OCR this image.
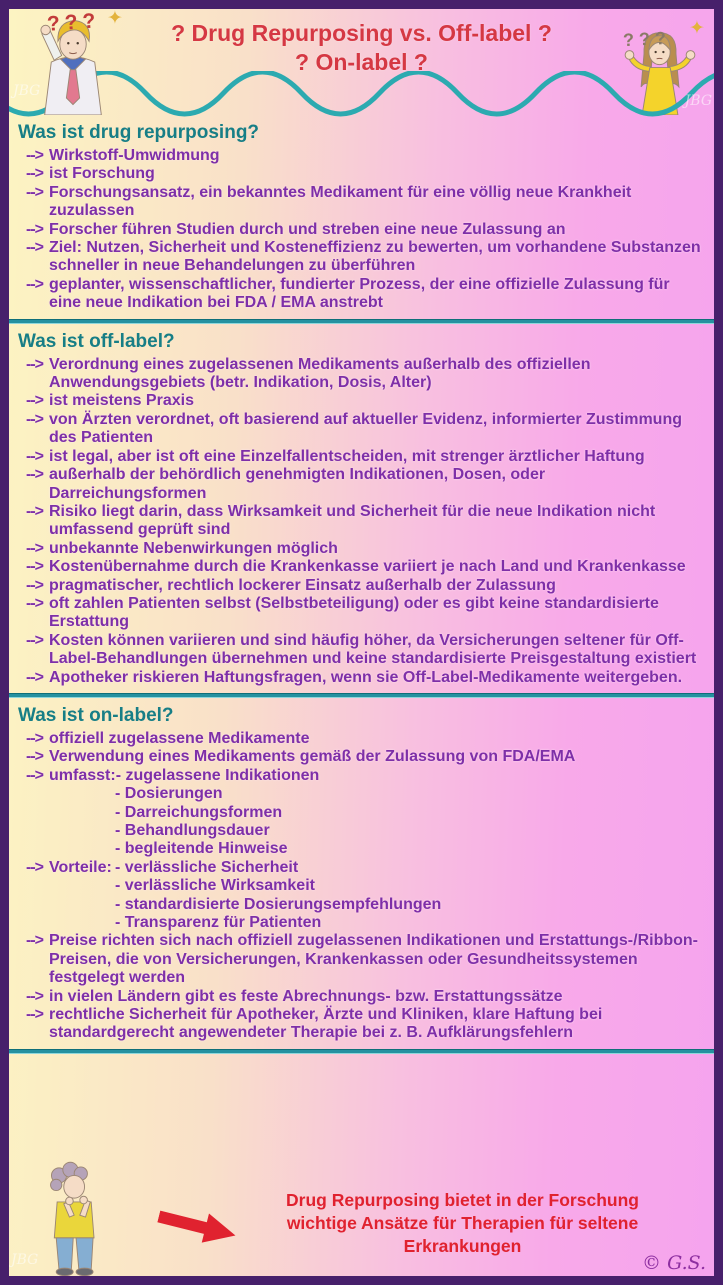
? Drug Repurposing vs. Off-label ?
? On-label ?
??? ✦
??? ✦
JBG
JBG
Was ist drug repurposing?
--> Wirkstoff-Umwidmung
--> ist Forschung
--> Forschungsansatz, ein bekanntes Medikament für eine völlig neue Krankheit zuzulassen
--> Forscher führen Studien durch und streben eine neue Zulassung an
--> Ziel: Nutzen, Sicherheit und Kosteneffizienz zu bewerten, um vorhandene Substanzen schneller in neue Behandelungen zu überführen
--> geplanter, wissenschaftlicher, fundierter Prozess, der eine offizielle Zulassung für eine neue Indikation bei FDA / EMA anstrebt
Was ist off-label?
--> Verordnung eines zugelassenen Medikaments außerhalb des offiziellen Anwendungsgebiets (betr. Indikation, Dosis, Alter)
--> ist meistens Praxis
--> von Ärzten verordnet, oft basierend auf aktueller Evidenz, informierter Zustimmung des Patienten
--> ist legal, aber ist oft eine Einzelfallentscheiden, mit strenger ärztlicher Haftung
--> außerhalb der behördlich genehmigten Indikationen, Dosen, oder Darreichungsformen
--> Risiko liegt darin, dass Wirksamkeit und Sicherheit für die neue Indikation nicht umfassend geprüft sind
--> unbekannte Nebenwirkungen möglich
--> Kostenübernahme durch die Krankenkasse variiert je nach Land und Krankenkasse
--> pragmatischer, rechtlich lockerer Einsatz außerhalb der Zulassung
--> oft zahlen Patienten selbst (Selbstbeteiligung) oder es gibt keine standardisierte Erstattung
--> Kosten können variieren und sind häufig höher, da Versicherungen seltener für Off-Label-Behandlungen übernehmen und keine standardisierte Preisgestaltung existiert
--> Apotheker riskieren Haftungsfragen, wenn sie Off-Label-Medikamente weitergeben.
Was ist on-label?
--> offiziell zugelassene Medikamente
--> Verwendung eines Medikaments gemäß der Zulassung von FDA/EMA
--> umfasst: - zugelassene Indikationen
- Dosierungen
- Darreichungsformen
- Behandlungsdauer
- begleitende Hinweise
--> Vorteile: - verlässliche Sicherheit
- verlässliche Wirksamkeit
- standardisierte Dosierungsempfehlungen
- Transparenz für Patienten
--> Preise richten sich nach offiziell zugelassenen Indikationen und Erstattungs-/Ribbon-Preisen, die von Versicherungen, Krankenkassen oder Gesundheitssystemen festgelegt werden
--> in vielen Ländern gibt es feste Abrechnungs- bzw. Erstattungssätze
--> rechtliche Sicherheit für Apotheker, Ärzte und Kliniken, klare Haftung bei standardgerecht angewendeter Therapie bei z. B. Aufklärungsfehlern
Drug Repurposing bietet in der Forschung
wichtige Ansätze für Therapien für seltene Erkrankungen
© G.S.
JBG
